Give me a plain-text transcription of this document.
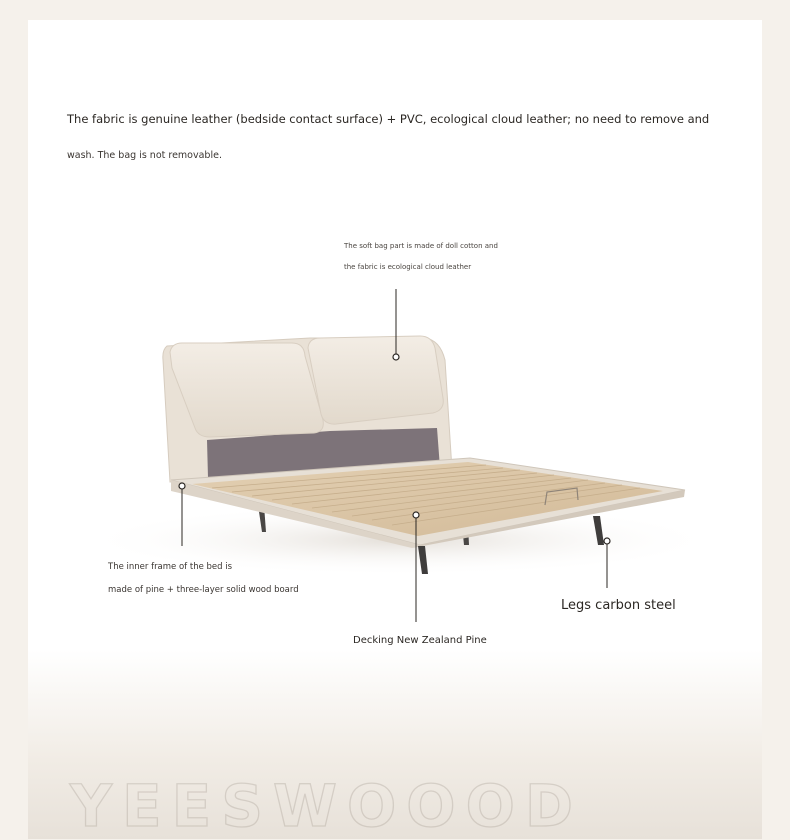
The fabric is genuine leather (bedside contact surface) + PVC, ecological cloud leather; no need to remove and
wash. The bag is not removable.
The soft bag part is made of doll cotton and
the fabric is ecological cloud leather
The inner frame of the bed is
made of pine + three-layer solid wood board
Legs carbon steel
Decking New Zealand Pine
YEESWOOOD
